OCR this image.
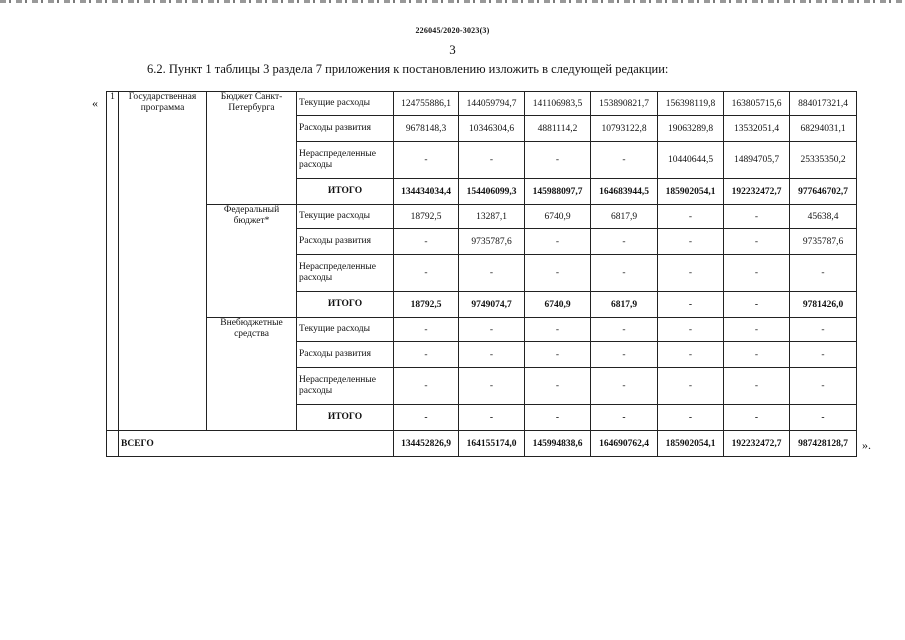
226045/2020-3023(3)
3
6.2. Пункт 1 таблицы 3 раздела 7 приложения к постановлению изложить в следующей редакции:
«
».
1	Государственная программа	Бюджет Санкт-Петербурга	Текущие расходы	124755886,1	144059794,7	141106983,5	153890821,7	156398119,8	163805715,6	884017321,4
			Расходы развития	9678148,3	10346304,6	4881114,2	10793122,8	19063289,8	13532051,4	68294031,1
			Нераспределенные расходы	-	-	-	-	10440644,5	14894705,7	25335350,2
			ИТОГО	134434034,4	154406099,3	145988097,7	164683944,5	185902054,1	192232472,7	977646702,7
		Федеральный бюджет*	Текущие расходы	18792,5	13287,1	6740,9	6817,9	-	-	45638,4
			Расходы развития	-	9735787,6	-	-	-	-	9735787,6
			Нераспределенные расходы	-	-	-	-	-	-	-
			ИТОГО	18792,5	9749074,7	6740,9	6817,9	-	-	9781426,0
		Внебюджетные средства	Текущие расходы	-	-	-	-	-	-	-
			Расходы развития	-	-	-	-	-	-	-
			Нераспределенные расходы	-	-	-	-	-	-	-
			ИТОГО	-	-	-	-	-	-	-
	ВСЕГО			134452826,9	164155174,0	145994838,6	164690762,4	185902054,1	192232472,7	987428128,7
